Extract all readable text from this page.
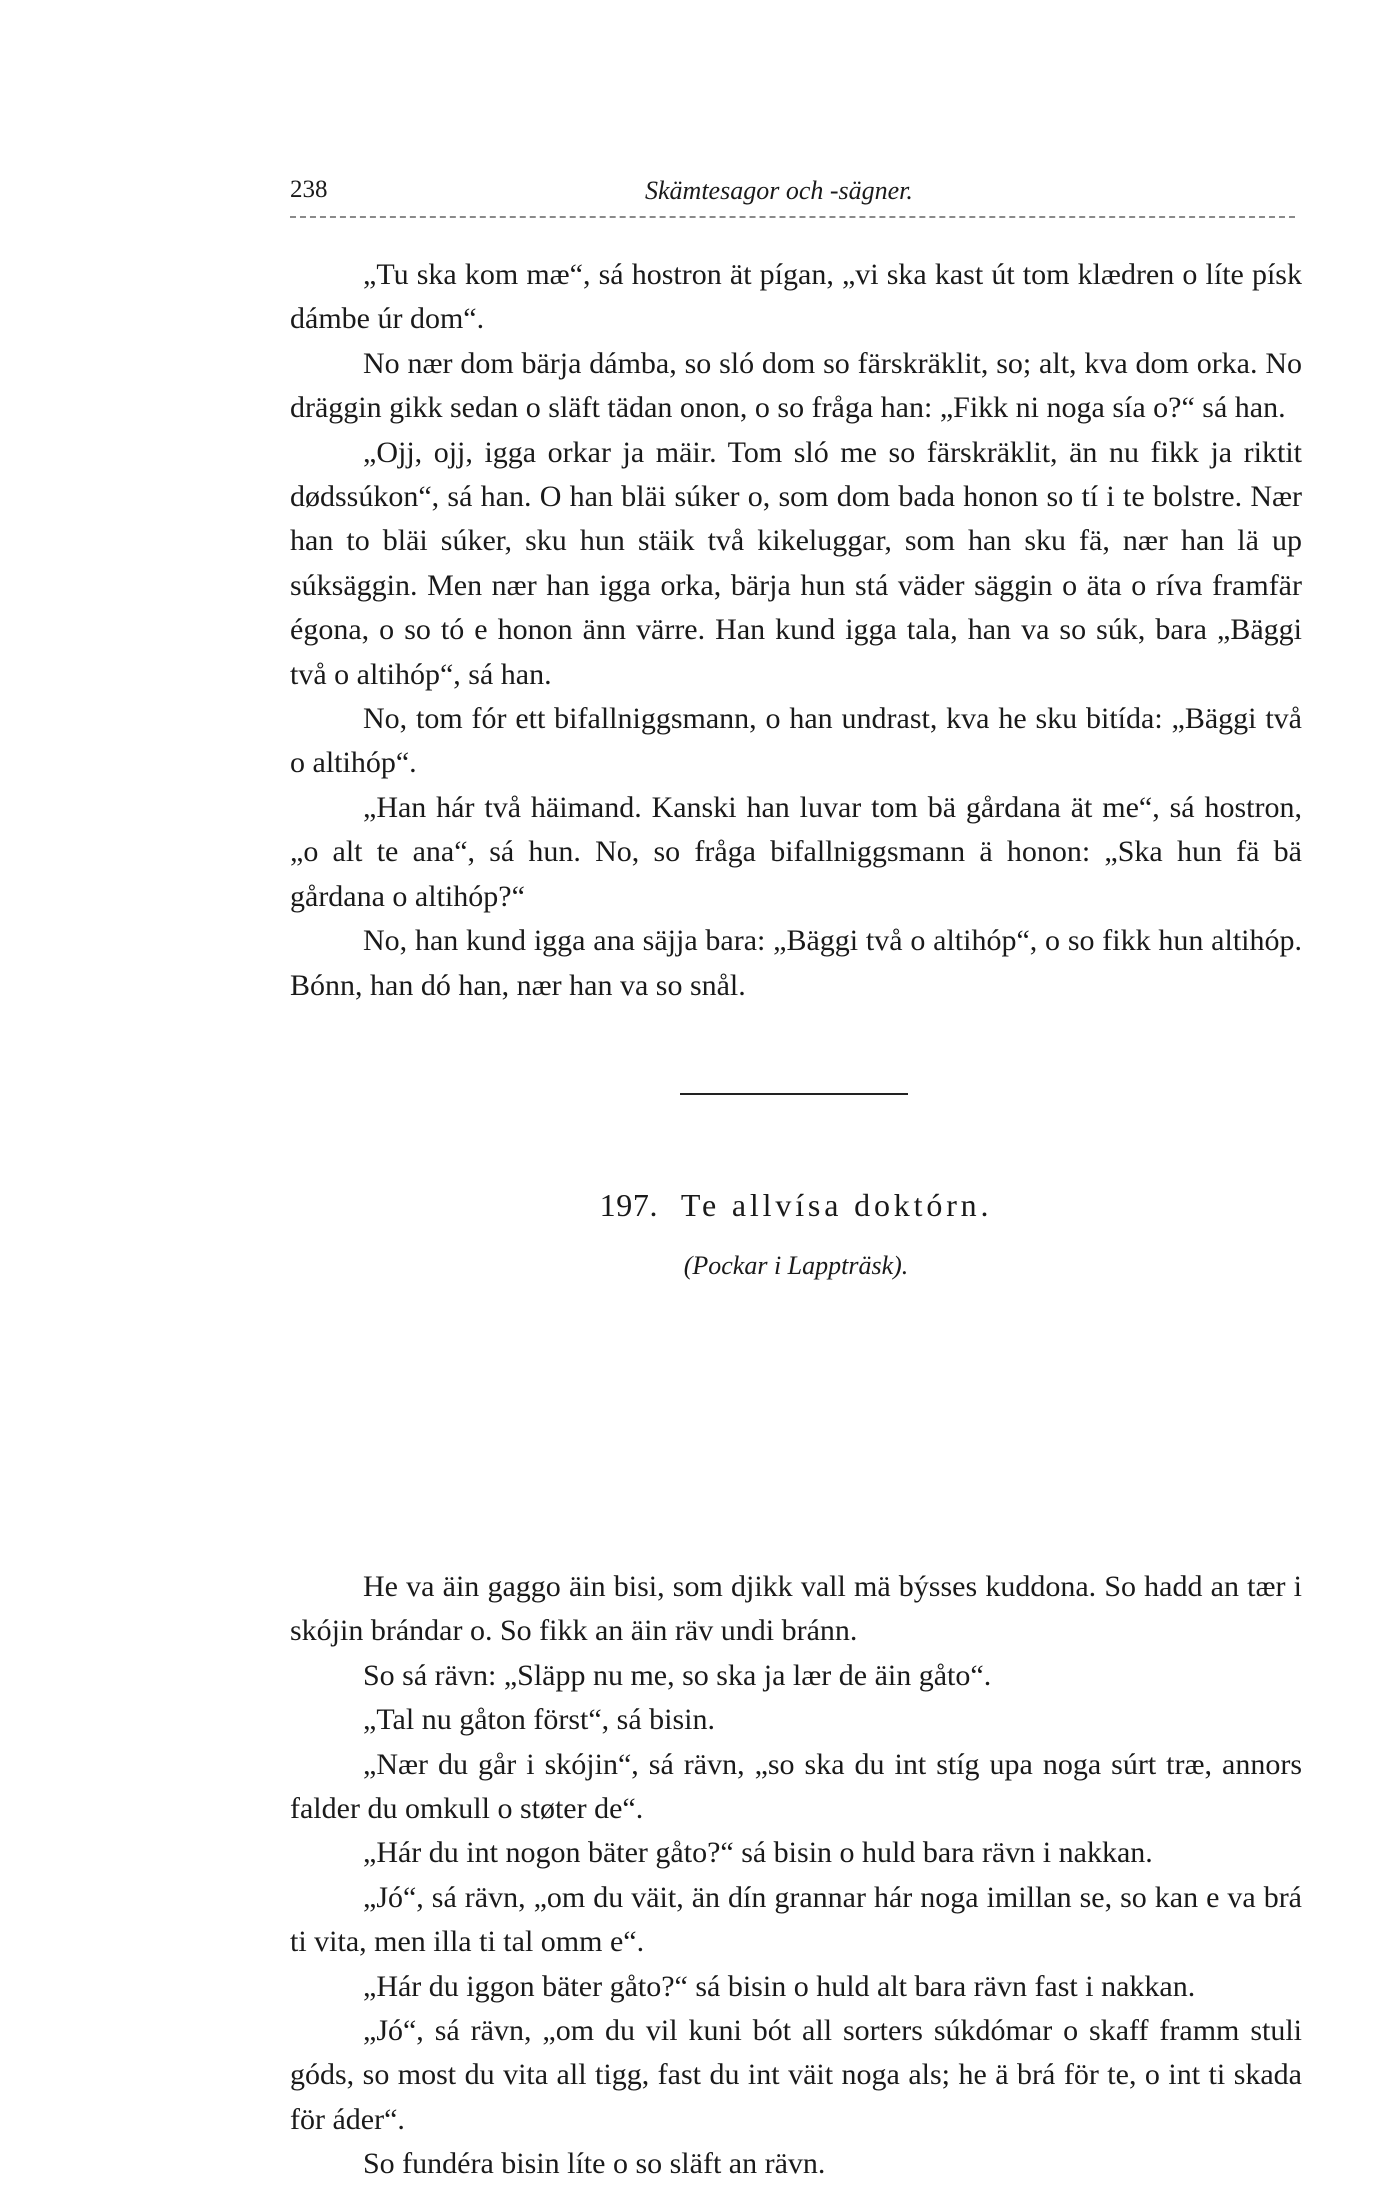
238	Skämtesagor och -sägner.

„Tu ska kom mæ“, sá hostron ät pígan, „vi ska kast út tom klædren o líte písk dámbe úr dom“.

No nær dom bärja dámba, so sló dom so färskräklit, so; alt, kva dom orka. No dräggin gikk sedan o släft tädan onon, o so fråga han: „Fikk ni noga sía o?“ sá han.

„Ojj, ojj, igga orkar ja mäir. Tom sló me so färskräklit, än nu fikk ja riktit dødssúkon“, sá han. O han bläi súker o, som dom bada honon so tí i te bolstre. Nær han to bläi súker, sku hun stäik två kikeluggar, som han sku fä, nær han lä up súksäggin. Men nær han igga orka, bärja hun stá väder säggin o äta o ríva framfär égona, o so tó e honon änn värre. Han kund igga tala, han va so súk, bara „Bäggi två o altihóp“, sá han.

No, tom fór ett bifallniggsmann, o han undrast, kva he sku bitída: „Bäggi två o altihóp“.

„Han hár två häimand. Kanski han luvar tom bä gårdana ät me“, sá hostron, „o alt te ana“, sá hun. No, so fråga bifallniggsmann ä honon: „Ska hun fä bä gårdana o altihóp?“

No, han kund igga ana säjja bara: „Bäggi två o altihóp“, o so fikk hun altihóp. Bónn, han dó han, nær han va so snål.

197. Te allvísa doktórn.
(Pockar i Lappträsk).

He va äin gaggo äin bisi, som djikk vall mä býsses kuddona. So hadd an tær i skójin brándar o. So fikk an äin räv undi bránn.

So sá rävn: „Släpp nu me, so ska ja lær de äin gåto“.

„Tal nu gåton först“, sá bisin.

„Nær du går i skójin“, sá rävn, „so ska du int stíg upa noga súrt træ, annors falder du omkull o støter de“.

„Hár du int nogon bäter gåto?“ sá bisin o huld bara rävn i nakkan.

„Jó“, sá rävn, „om du väit, än dín grannar hár noga imillan se, so kan e va brá ti vita, men illa ti tal omm e“.

„Hár du iggon bäter gåto?“ sá bisin o huld alt bara rävn fast i nakkan.

„Jó“, sá rävn, „om du vil kuni bót all sorters súkdómar o skaff framm stuli góds, so most du vita all tigg, fast du int väit noga als; he ä brá för te, o int ti skada för áder“.

So fundéra bisin líte o so släft an rävn.
